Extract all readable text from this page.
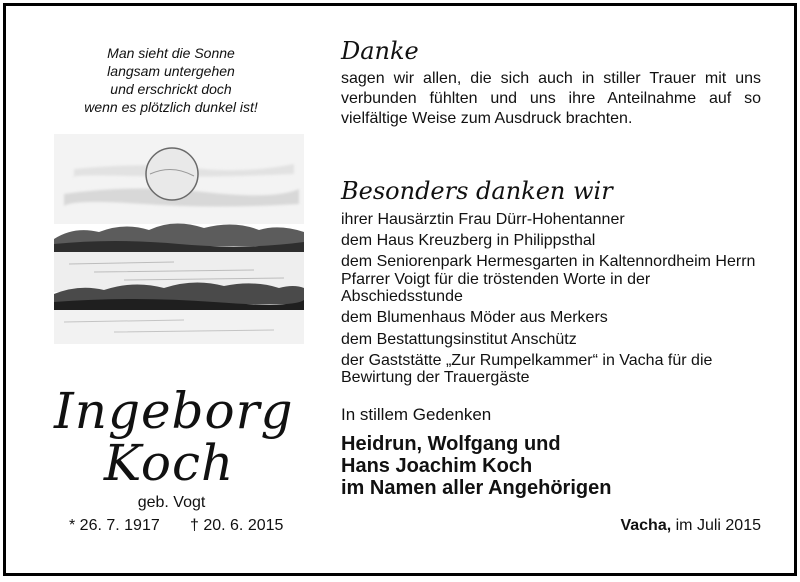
Man sieht die Sonne
langsam untergehen
und erschrickt doch
wenn es plötzlich dunkel ist!
Ingeborg
Koch
geb. Vogt
* 26. 7. 1917 † 20. 6. 2015
Danke
sagen wir allen, die sich auch in stiller Trauer mit uns
verbunden fühlten und uns ihre Anteilnahme auf so
vielfältige Weise zum Ausdruck brachten.
Besonders danken wir
ihrer Hausärztin Frau Dürr-Hohentanner
dem Haus Kreuzberg in Philippsthal
dem Seniorenpark Hermesgarten in Kaltennordheim Herrn Pfarrer Voigt für die tröstenden Worte in der Abschiedsstunde
dem Blumenhaus Möder aus Merkers
dem Bestattungsinstitut Anschütz
der Gaststätte „Zur Rumpelkammer“ in Vacha für die Bewirtung der Trauergäste
In stillem Gedenken
Heidrun, Wolfgang und
Hans Joachim Koch
im Namen aller Angehörigen
Vacha, im Juli 2015
